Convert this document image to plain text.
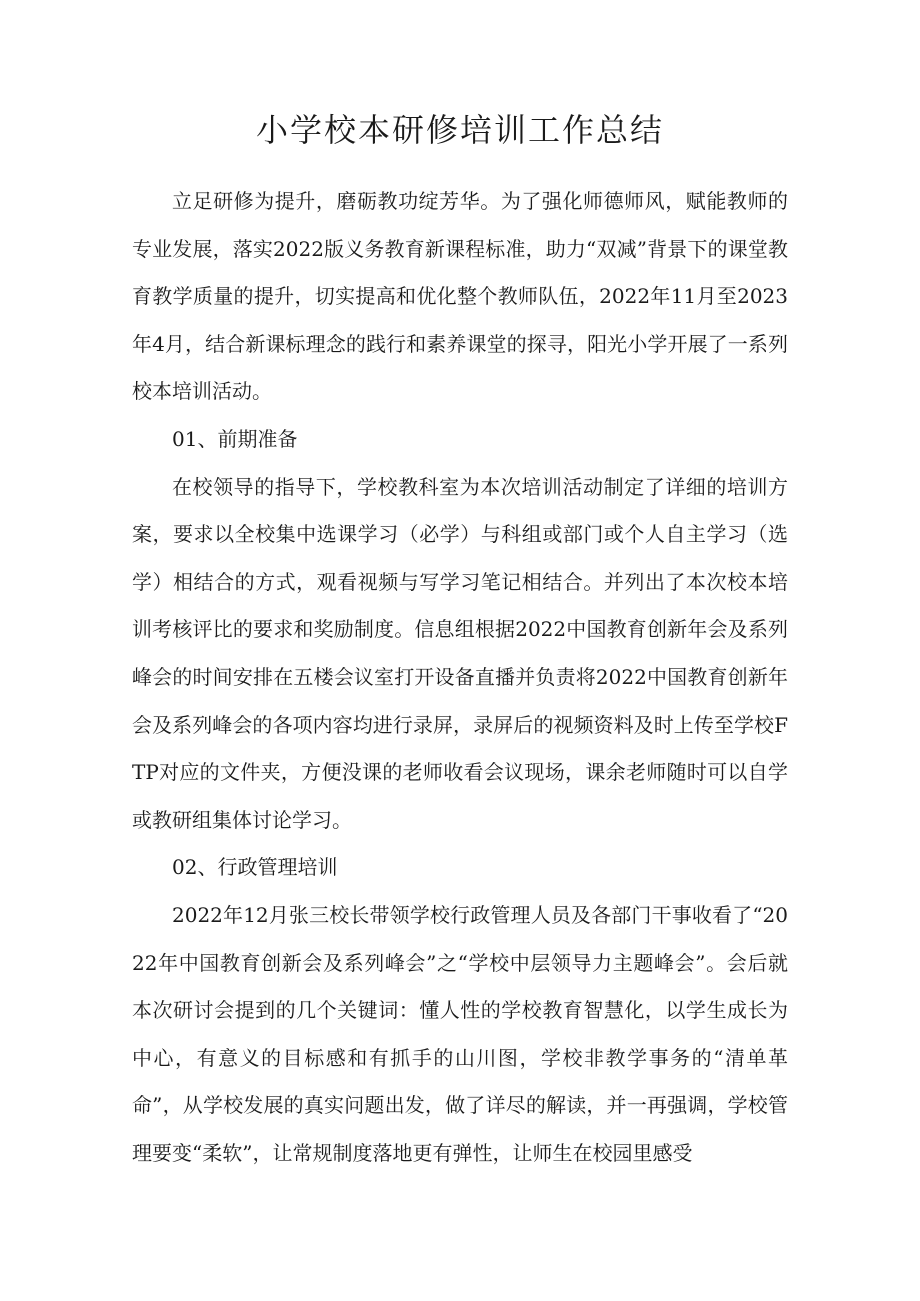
小学校本研修培训工作总结

立足研修为提升，磨砺教功绽芳华。为了强化师德师风，赋能教师的专业发展，落实2022版义务教育新课程标准，助力“双减”背景下的课堂教育教学质量的提升，切实提高和优化整个教师队伍，2022年11月至2023年4月，结合新课标理念的践行和素养课堂的探寻，阳光小学开展了一系列校本培训活动。

01、前期准备

在校领导的指导下，学校教科室为本次培训活动制定了详细的培训方案，要求以全校集中选课学习（必学）与科组或部门或个人自主学习（选学）相结合的方式，观看视频与写学习笔记相结合。并列出了本次校本培训考核评比的要求和奖励制度。信息组根据2022中国教育创新年会及系列峰会的时间安排在五楼会议室打开设备直播并负责将2022中国教育创新年会及系列峰会的各项内容均进行录屏，录屏后的视频资料及时上传至学校FTP对应的文件夹，方便没课的老师收看会议现场，课余老师随时可以自学或教研组集体讨论学习。

02、行政管理培训

2022年12月张三校长带领学校行政管理人员及各部门干事收看了“2022年中国教育创新会及系列峰会”之“学校中层领导力主题峰会”。会后就本次研讨会提到的几个关键词：懂人性的学校教育智慧化，以学生成长为中心，有意义的目标感和有抓手的山川图，学校非教学事务的“清单革命”，从学校发展的真实问题出发，做了详尽的解读，并一再强调，学校管理要变“柔软”，让常规制度落地更有弹性，让师生在校园里感受
